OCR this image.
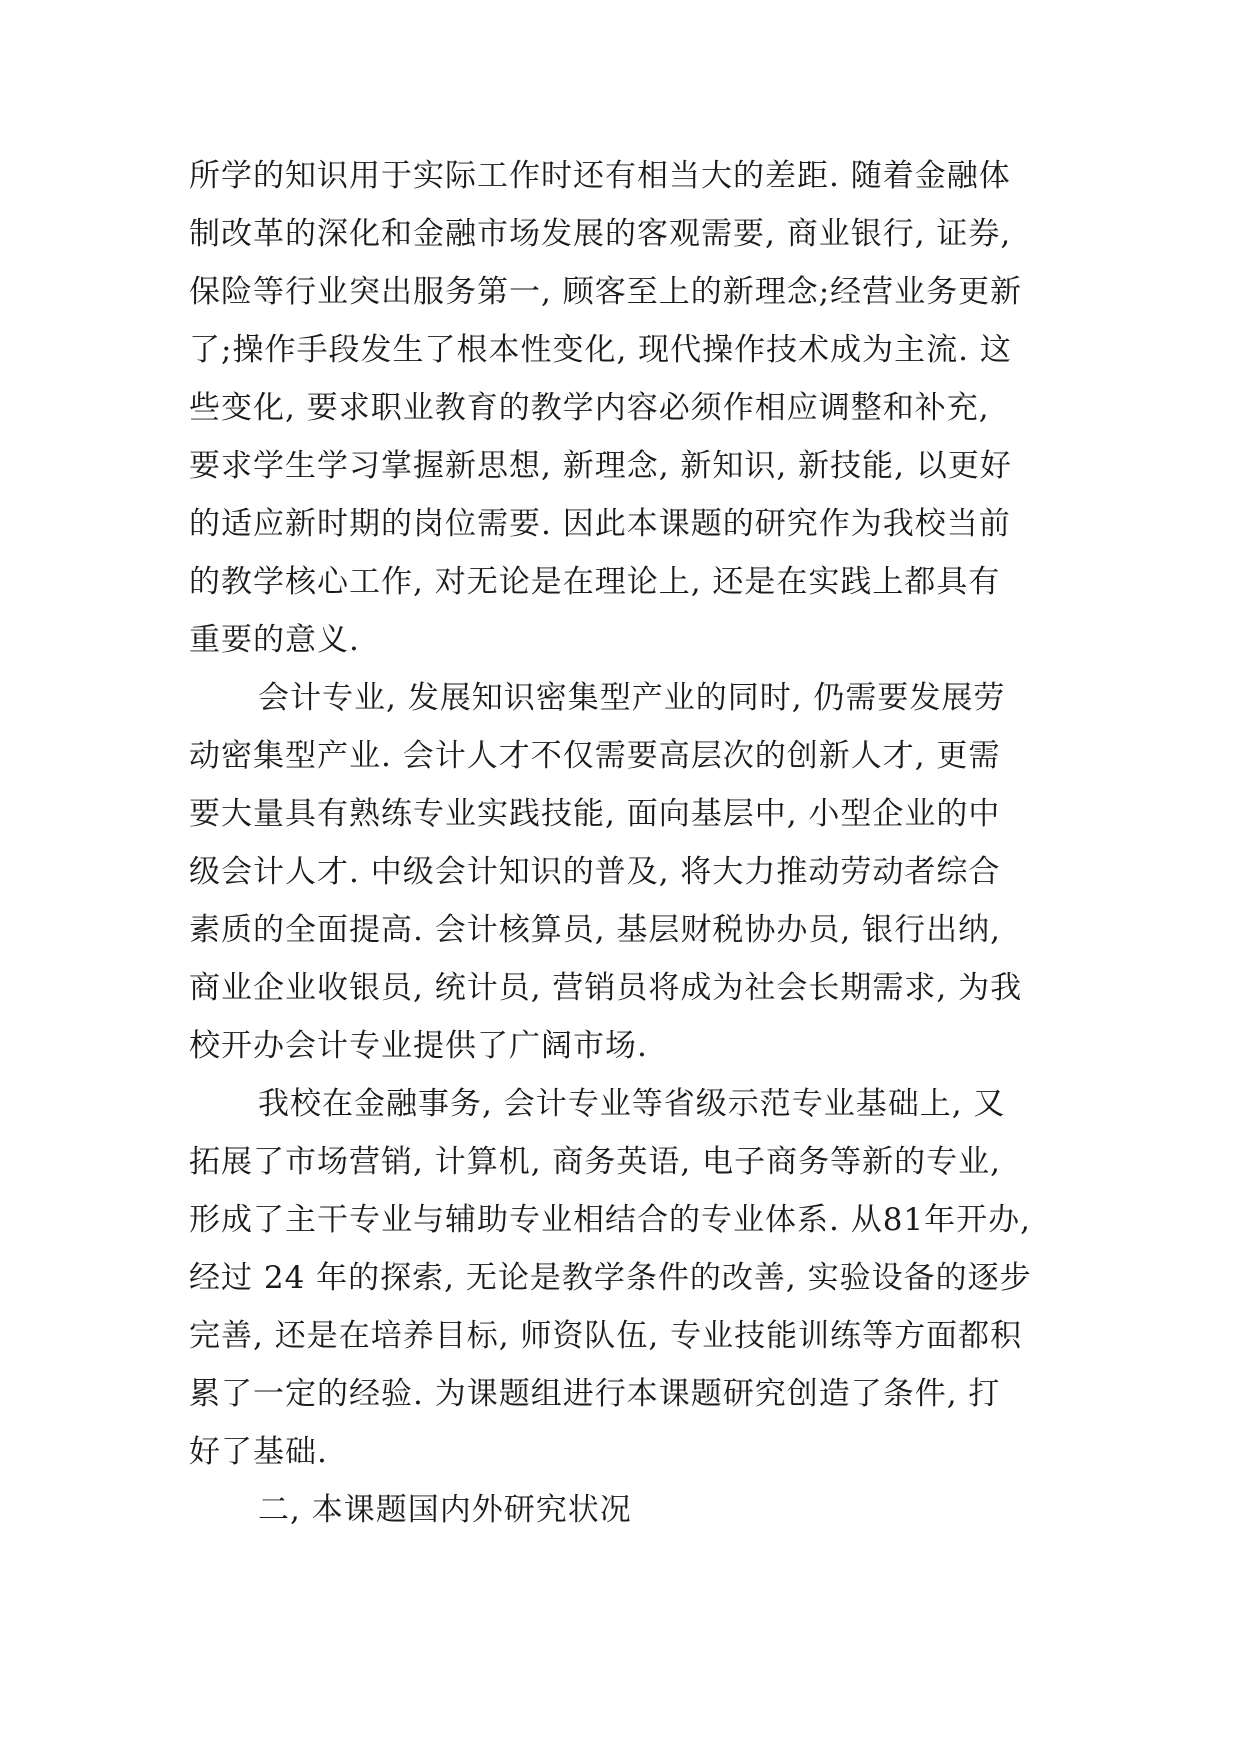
所学的知识用于实际工作时还有相当大的差距. 随着金融体
制改革的深化和金融市场发展的客观需要, 商业银行, 证券,
保险等行业突出服务第一, 顾客至上的新理念;经营业务更新
了;操作手段发生了根本性变化, 现代操作技术成为主流. 这
些变化, 要求职业教育的教学内容必须作相应调整和补充,
要求学生学习掌握新思想, 新理念, 新知识, 新技能, 以更好
的适应新时期的岗位需要. 因此本课题的研究作为我校当前
的教学核心工作, 对无论是在理论上, 还是在实践上都具有
重要的意义.
会计专业, 发展知识密集型产业的同时, 仍需要发展劳
动密集型产业. 会计人才不仅需要高层次的创新人才, 更需
要大量具有熟练专业实践技能, 面向基层中, 小型企业的中
级会计人才. 中级会计知识的普及, 将大力推动劳动者综合
素质的全面提高. 会计核算员, 基层财税协办员, 银行出纳,
商业企业收银员, 统计员, 营销员将成为社会长期需求, 为我
校开办会计专业提供了广阔市场.
我校在金融事务, 会计专业等省级示范专业基础上, 又
拓展了市场营销, 计算机, 商务英语, 电子商务等新的专业,
形成了主干专业与辅助专业相结合的专业体系. 从81年开办,
经过 24 年的探索, 无论是教学条件的改善, 实验设备的逐步
完善, 还是在培养目标, 师资队伍, 专业技能训练等方面都积
累了一定的经验. 为课题组进行本课题研究创造了条件, 打
好了基础.
二, 本课题国内外研究状况
